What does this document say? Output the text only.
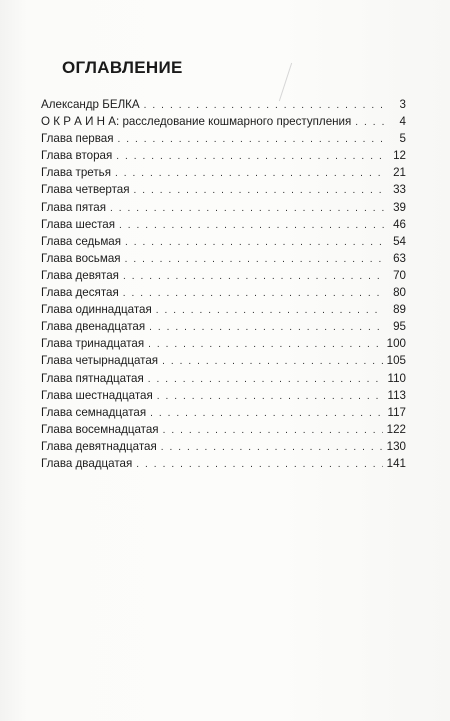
ОГЛАВЛЕНИЕ
Александр БЕЛКА . . .	3
О К Р А И Н А: расследование кошмарного преступления . . .	4
Глава первая . . .	5
Глава вторая . . .	12
Глава третья . . .	21
Глава четвертая . . .	33
Глава пятая . . .	39
Глава шестая . . .	46
Глава седьмая . . .	54
Глава восьмая . . .	63
Глава девятая . . .	70
Глава десятая . . .	80
Глава одиннадцатая . . .	89
Глава двенадцатая . . .	95
Глава тринадцатая . . .	100
Глава четырнадцатая . . .	105
Глава пятнадцатая . . .	110
Глава шестнадцатая . . .	113
Глава семнадцатая . . .	117
Глава восемнадцатая . . .	122
Глава девятнадцатая . . .	130
Глава двадцатая . . .	141
